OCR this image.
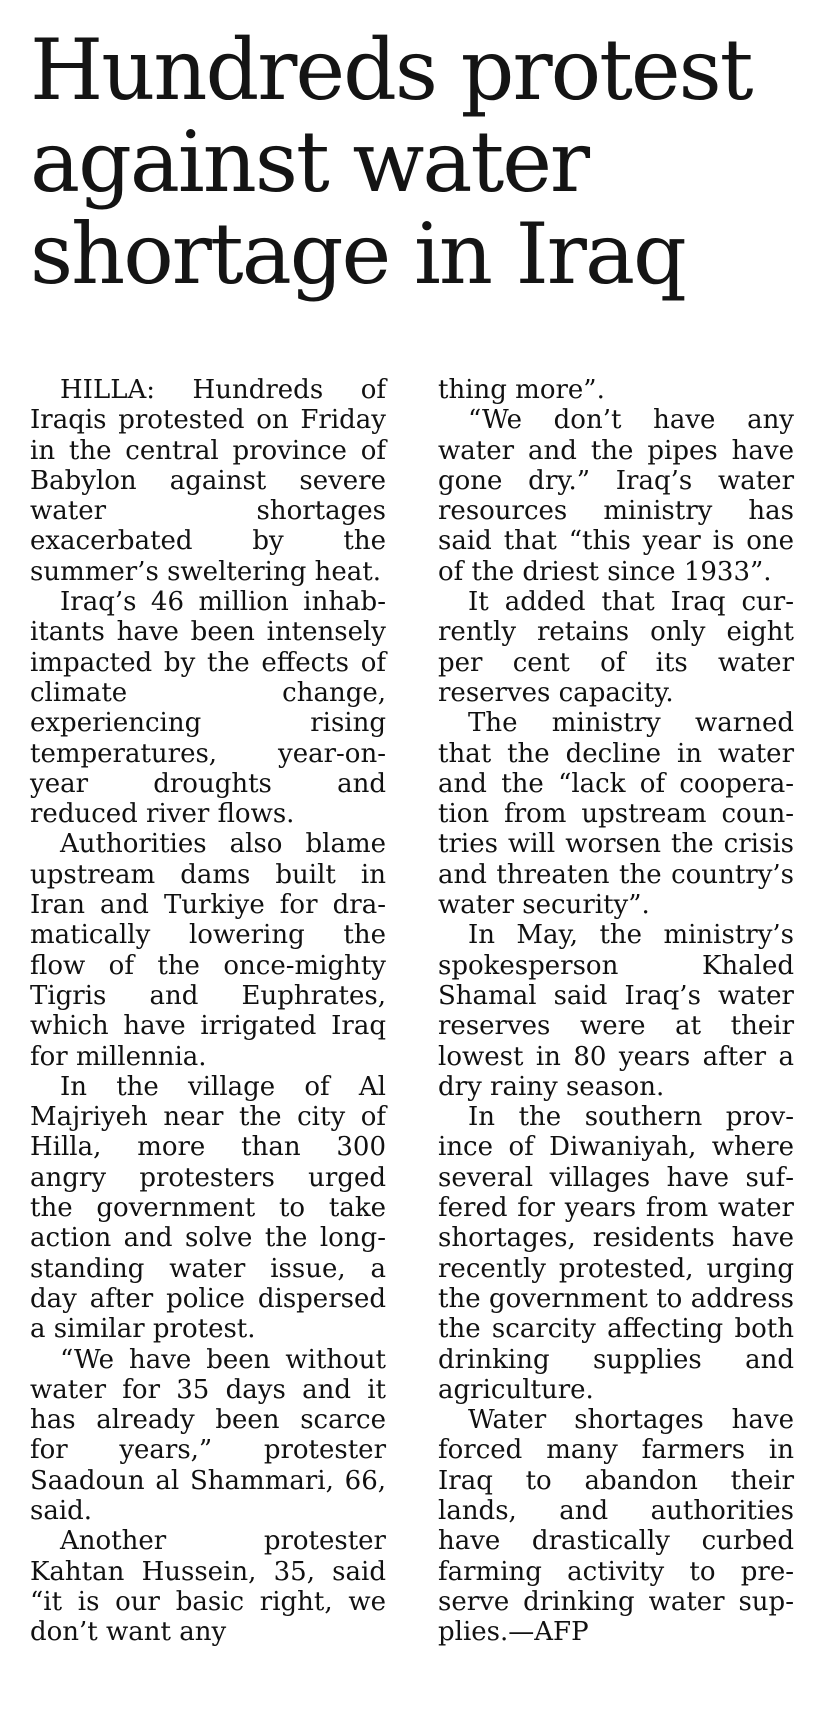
Hundreds protest
against water
shortage in Iraq

HILLA: Hundreds of Iraqis protested on Friday in the central province of Babylon against severe water shortages exacerbated by the summer’s sweltering heat.

Iraq’s 46 million inhabitants have been intensely impacted by the effects of climate change, experiencing rising temperatures, year-on-year droughts and reduced river flows.

Authorities also blame upstream dams built in Iran and Turkiye for dramatically lowering the flow of the once-mighty Tigris and Euphrates, which have irrigated Iraq for millennia.

In the village of Al Majriyeh near the city of Hilla, more than 300 angry protesters urged the government to take action and solve the long-standing water issue, a day after police dispersed a similar protest.

“We have been without water for 35 days and it has already been scarce for years,” protester Saadoun al Shammari, 66, said.

Another protester Kahtan Hussein, 35, said “it is our basic right, we don’t want any

thing more”.

“We don’t have any water and the pipes have gone dry.” Iraq’s water resources ministry has said that “this year is one of the driest since 1933”.

It added that Iraq currently retains only eight per cent of its water reserves capacity.

The ministry warned that the decline in water and the “lack of cooperation from upstream countries will worsen the crisis and threaten the country’s water security”.

In May, the ministry’s spokesperson Khaled Shamal said Iraq’s water reserves were at their lowest in 80 years after a dry rainy season.

In the southern province of Diwaniyah, where several villages have suffered for years from water shortages, residents have recently protested, urging the government to address the scarcity affecting both drinking supplies and agriculture.

Water shortages have forced many farmers in Iraq to abandon their lands, and authorities have drastically curbed farming activity to preserve drinking water supplies.—AFP
